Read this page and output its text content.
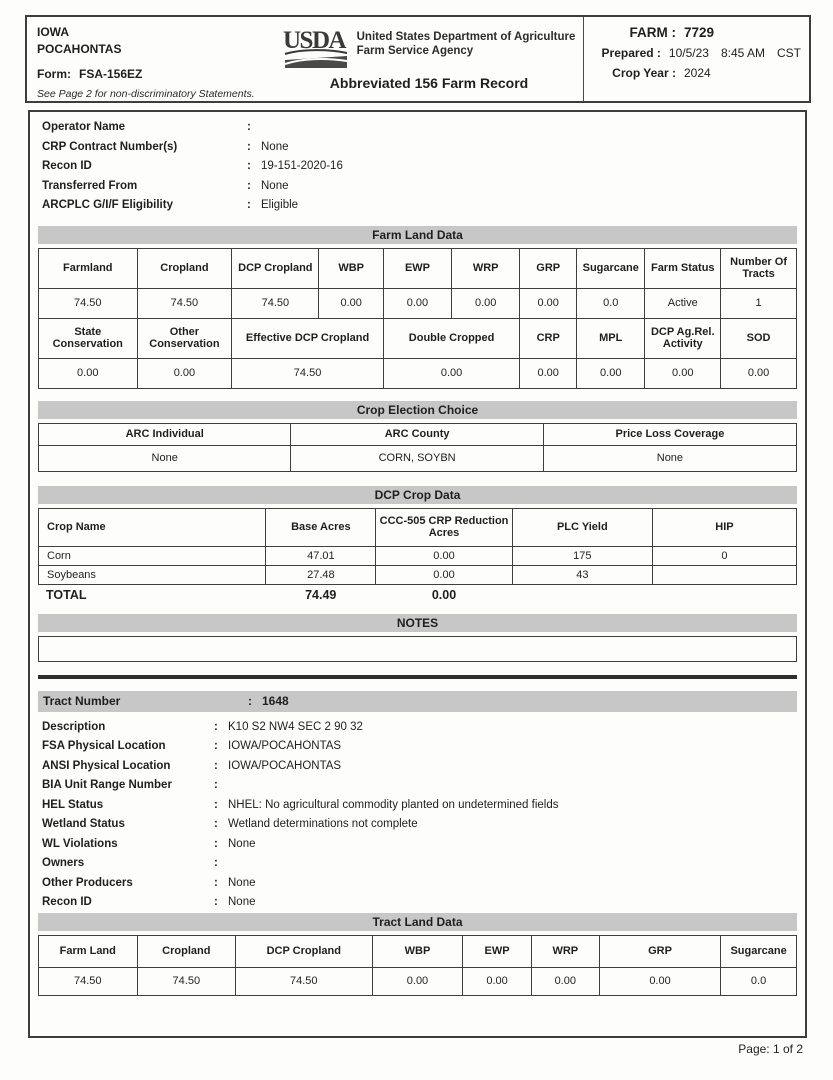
IOWA
POCAHONTAS
Form: FSA-156EZ
See Page 2 for non-discriminatory Statements.
USDA United States Department of Agriculture
Farm Service Agency
Abbreviated 156 Farm Record
FARM :	7729
Prepared :	10/5/23 8:45 AM CST
Crop Year :	2024
Operator Name
:
CRP Contract Number(s) :	None
Recon ID :	19-151-2020-16
Transferred From :	None
ARCPLC G/I/F Eligibility :	Eligible
Farm Land Data
Farmland	Cropland	DCP Cropland	WBP	EWP	WRP	GRP	Sugarcane	Farm Status	Number Of Tracts
74.50	74.50	74.50	0.00	0.00	0.00	0.00	0.0	Active	1
State Conservation	Other Conservation	Effective DCP Cropland		Double Cropped		CRP	MPL	DCP Ag.Rel. Activity	SOD
0.00	0.00	74.50		0.00		0.00	0.00	0.00	0.00
Crop Election Choice
ARC Individual	ARC County	Price Loss Coverage
None	CORN, SOYBN	None
DCP Crop Data
Crop Name	Base Acres	CCC-505 CRP Reduction Acres	PLC Yield	HIP
Corn	47.01	0.00	175	0
Soybeans	27.48	0.00	43	
TOTAL	74.49	0.00
NOTES
Tract Number :	1648
Description :	K10 S2 NW4 SEC 2 90 32
FSA Physical Location :	IOWA/POCAHONTAS
ANSI Physical Location :	IOWA/POCAHONTAS
BIA Unit Range Number
:
HEL Status :	NHEL: No agricultural commodity planted on undetermined fields
Wetland Status :	Wetland determinations not complete
WL Violations :	None
Owners
:
Other Producers :	None
Recon ID :	None
Tract Land Data
Farm Land	Cropland	DCP Cropland	WBP	EWP	WRP	GRP	Sugarcane
74.50	74.50	74.50	0.00	0.00	0.00	0.00	0.0
Page: 1 of 2
